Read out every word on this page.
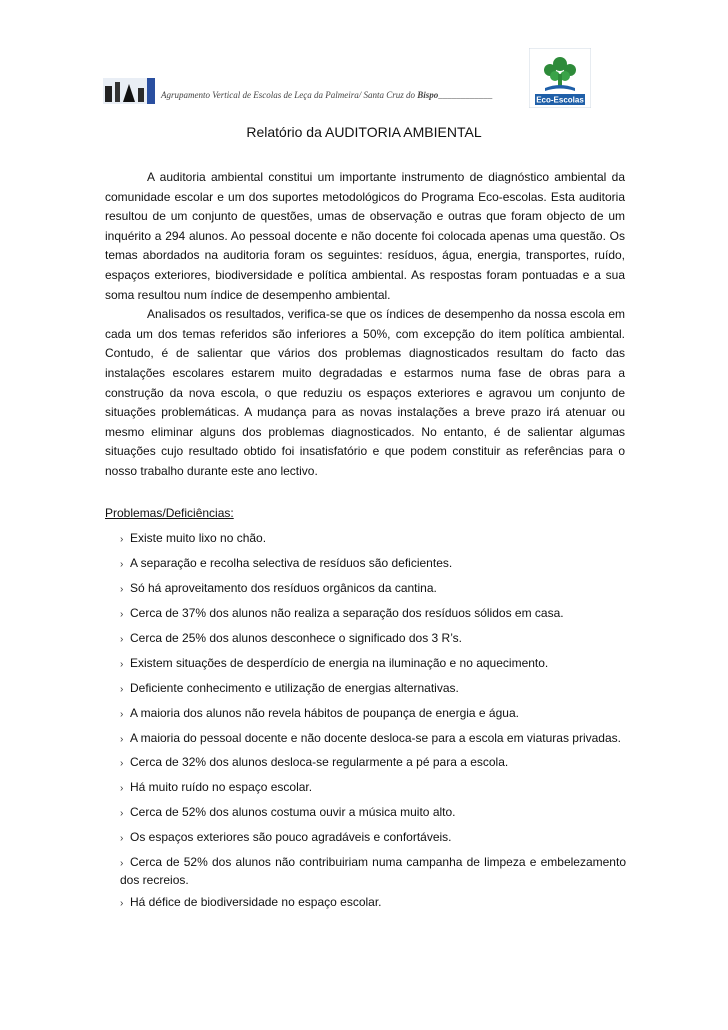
Agrupamento Vertical de Escolas de Leça da Palmeira/ Santa Cruz do Bispo____________	Eco-Escolas
Relatório da AUDITORIA AMBIENTAL

A auditoria ambiental constitui um importante instrumento de diagnóstico ambiental da comunidade escolar e um dos suportes metodológicos do Programa Eco-escolas. Esta auditoria resultou de um conjunto de questões, umas de observação e outras que foram objecto de um inquérito a 294 alunos. Ao pessoal docente e não docente foi colocada apenas uma questão. Os temas abordados na auditoria foram os seguintes: resíduos, água, energia, transportes, ruído, espaços exteriores, biodiversidade e política ambiental. As respostas foram pontuadas e a sua soma resultou num índice de desempenho ambiental.

Analisados os resultados, verifica-se que os índices de desempenho da nossa escola em cada um dos temas referidos são inferiores a 50%, com excepção do item política ambiental. Contudo, é de salientar que vários dos problemas diagnosticados resultam do facto das instalações escolares estarem muito degradadas e estarmos numa fase de obras para a construção da nova escola, o que reduziu os espaços exteriores e agravou um conjunto de situações problemáticas. A mudança para as novas instalações a breve prazo irá atenuar ou mesmo eliminar alguns dos problemas diagnosticados. No entanto, é de salientar algumas situações cujo resultado obtido foi insatisfatório e que podem constituir as referências para o nosso trabalho durante este ano lectivo.

Problemas/Deficiências:
› Existe muito lixo no chão.
› A separação e recolha selectiva de resíduos são deficientes.
› Só há aproveitamento dos resíduos orgânicos da cantina.
› Cerca de 37% dos alunos não realiza a separação dos resíduos sólidos em casa.
› Cerca de 25% dos alunos desconhece o significado dos 3 R’s.
› Existem situações de desperdício de energia na iluminação e no aquecimento.
› Deficiente conhecimento e utilização de energias alternativas.
› A maioria dos alunos não revela hábitos de poupança de energia e água.
› A maioria do pessoal docente e não docente desloca-se para a escola em viaturas privadas.
› Cerca de 32% dos alunos desloca-se regularmente a pé para a escola.
› Há muito ruído no espaço escolar.
› Cerca de 52% dos alunos costuma ouvir a música muito alto.
› Os espaços exteriores são pouco agradáveis e confortáveis.
› Cerca de 52% dos alunos não contribuiriam numa campanha de limpeza e embelezamento dos recreios.
› Há défice de biodiversidade no espaço escolar.
